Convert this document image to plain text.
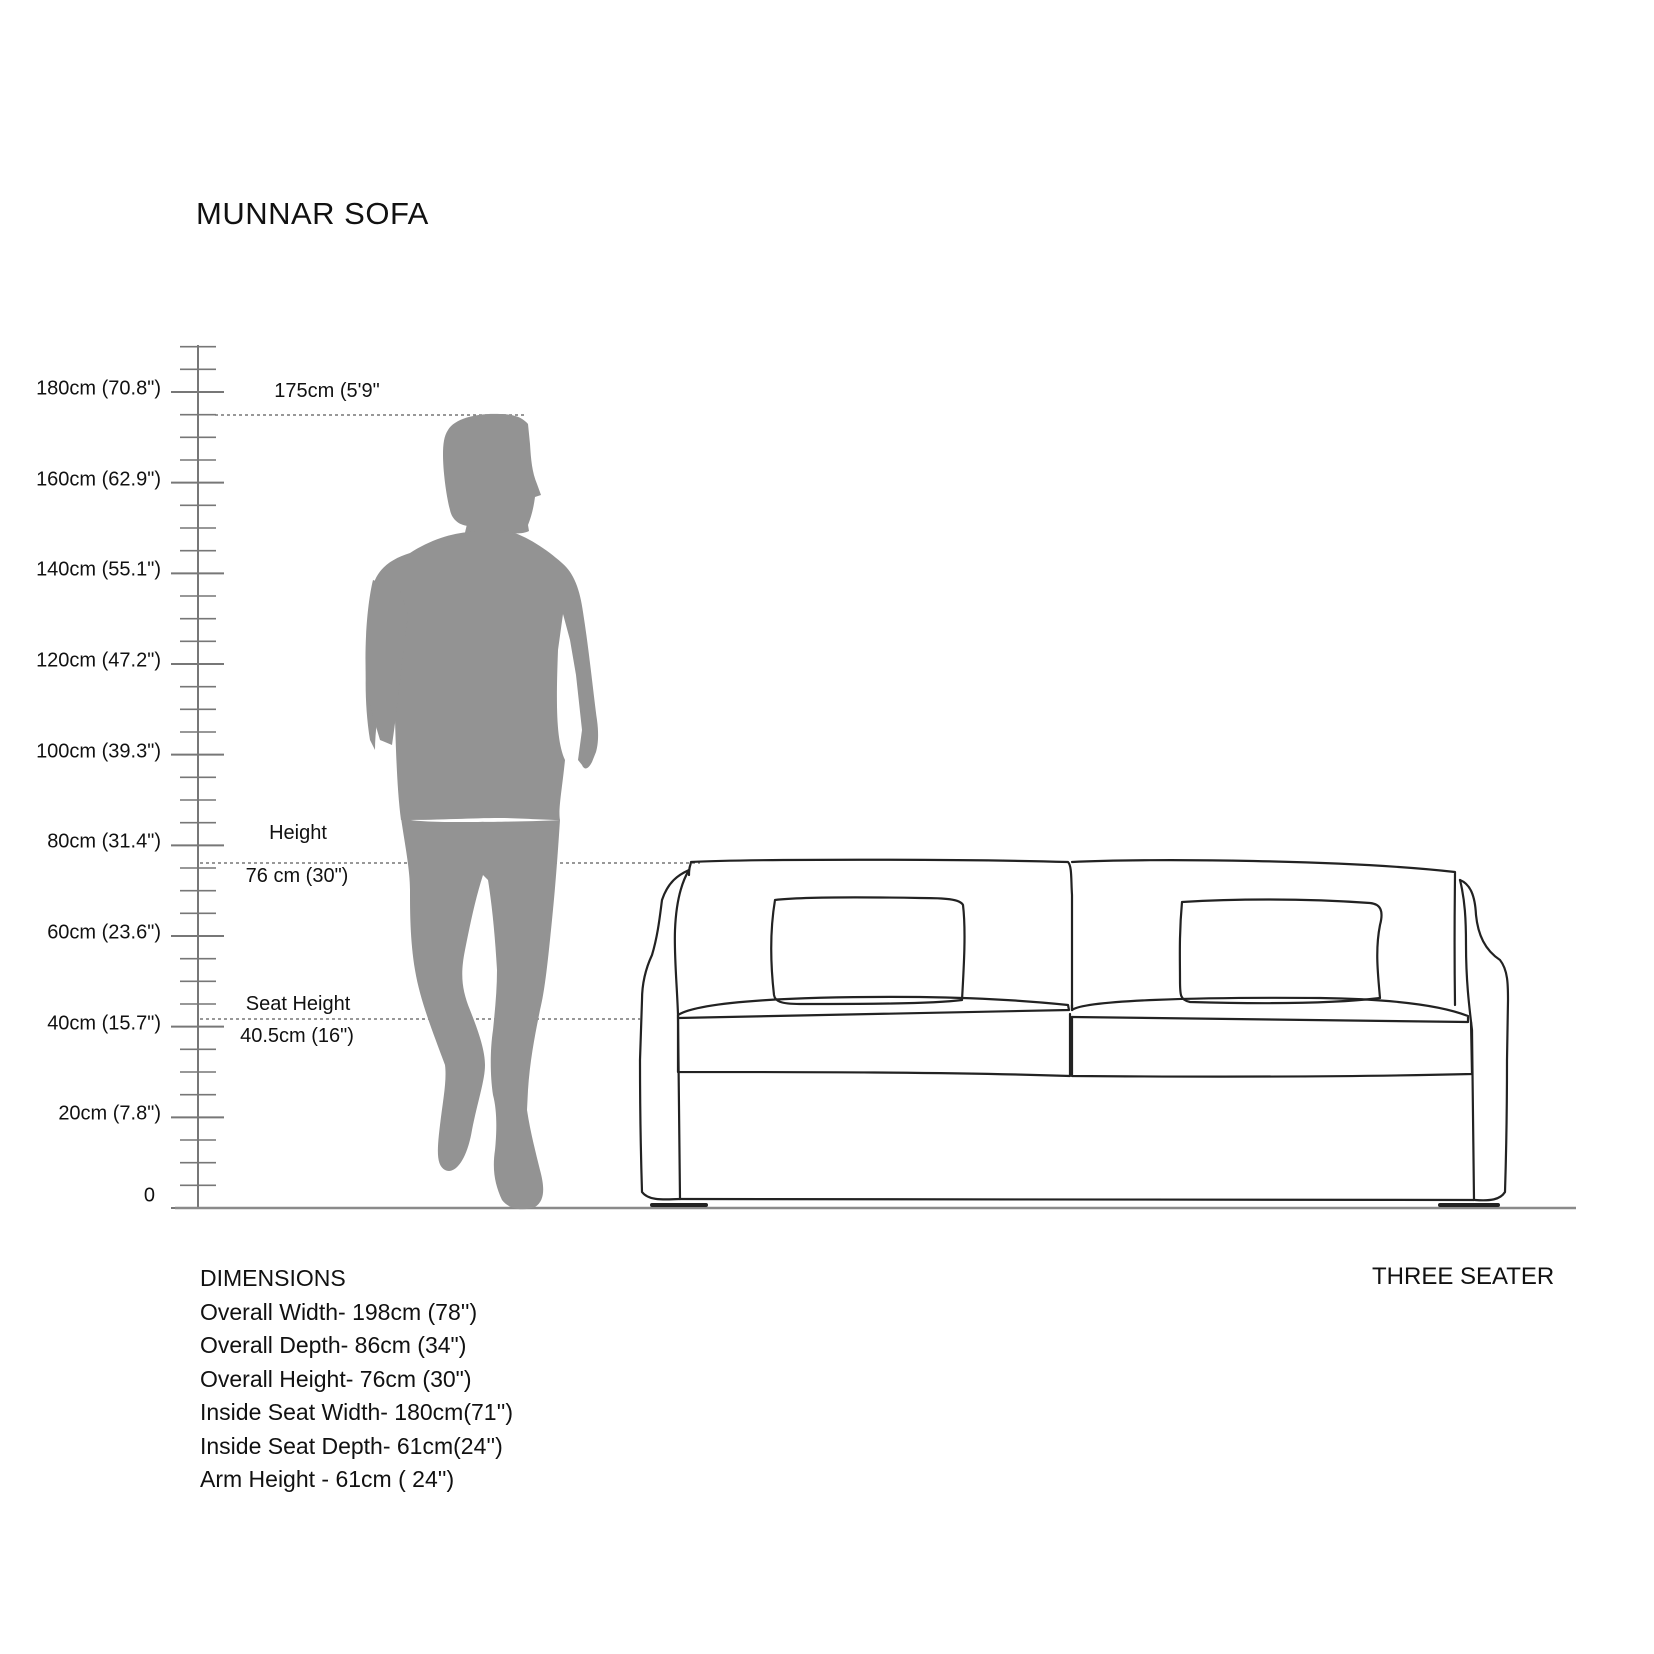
MUNNAR SOFA
180cm (70.8")
160cm (62.9")
140cm (55.1")
120cm (47.2")
100cm (39.3")
80cm (31.4")
60cm (23.6")
40cm (15.7")
20cm (7.8")
0
175cm (5'9"
Height
76 cm (30")
Seat Height
40.5cm (16")
DIMENSIONS
Overall Width- 198cm (78'')
Overall Depth- 86cm (34")
Overall Height- 76cm (30")
Inside Seat Width- 180cm(71'')
Inside Seat Depth- 61cm(24'')
Arm Height - 61cm ( 24'')
THREE SEATER
